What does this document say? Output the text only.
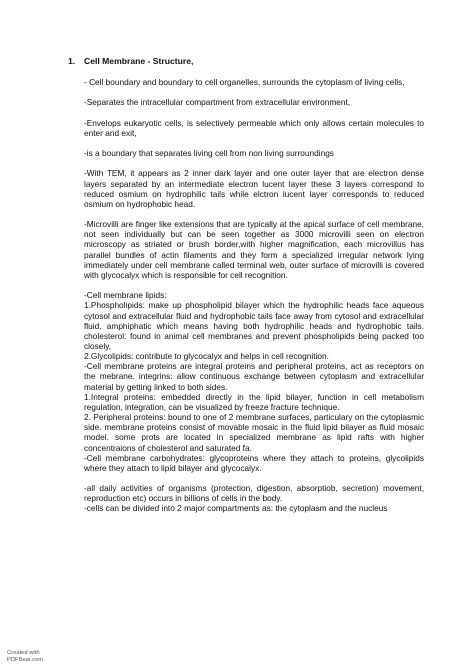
1. Cell Membrane - Structure,

- Cell boundary and boundary to cell organelles, surrounds the cytoplasm of living cells,

-Separates the intracellular compartment from extracellular environment,

-Envelops eukaryotic cells, is selectively permeable which only allows certain molecules to enter and exit,

-is a boundary that separates living cell from non living surroundings

-With TEM, it appears as 2 inner dark layer and one outer layer that are electron dense layers separated by an intermediate electron lucent layer these 3 layers correspond to reduced osmium on hydrophilic tails while elctron lucent layer corresponds to reduced osmium on hydrophobic head.

-Microvilli are finger like extensions that are typically at the apical surface of cell membrane, not seen individually but can be seen together as 3000 microvilli seen on electron microscopy as striated or brush border,with higher magnification, each microvillus has parallel bundles of actin filaments and they form a specialized irregular network lying immediately under cell membrane called terminal web, outer surface of microvilli is covered with glycocalyx which is responsible for cell recognition.

-Cell membrane lipids:

1.Phospholipids: make up phospholipid bilayer which the hydrophilic heads face aqueous cytosol and extracellular fluid and hydrophobic tails face away from cytosol and extracellular fluid, amphiphatic which means having both hydrophilic heads and hydrophobic tails. cholesterol: found in animal cell membranes and prevent phospholipids being packed too closely,

2.Glycolipids: contribute to glycocalyx and helps in cell recognition.

-Cell membrane proteins are integral proteins and peripheral proteins, act as receptors on the mebrane. integrins: allow continuous exchange between cytoplasm and extracellular material by getting linked to both sides.

1.Integral proteins: embedded directly in the lipid bilayer, function in cell metabolism regulation, integration, can be visualized by freeze fracture technique.

2. Peripheral proteins: bound to one of 2 membrane surfaces, particulary on the cytoplasmic side. membrane proteins consist of movable mosaic in the fluid lipid bilayer as fluid mosaic model. some prots are located in specialized membrane as lipid rafts with higher concentraions of cholesterol and saturated fa.

-Cell membrane carbohydrates: glycoproteins where they attach to proteins, glycolipids where they attach to lipid bilayer and glycocalyx.

-all daily activities of organisms (protection, digestion, absorptiob, secretion) movement, reproduction etc) occurs in billions of cells in the body.

-cells can be divided into 2 major compartments as: the cytoplasm and the nucleus

Created with
PDFBear.com
